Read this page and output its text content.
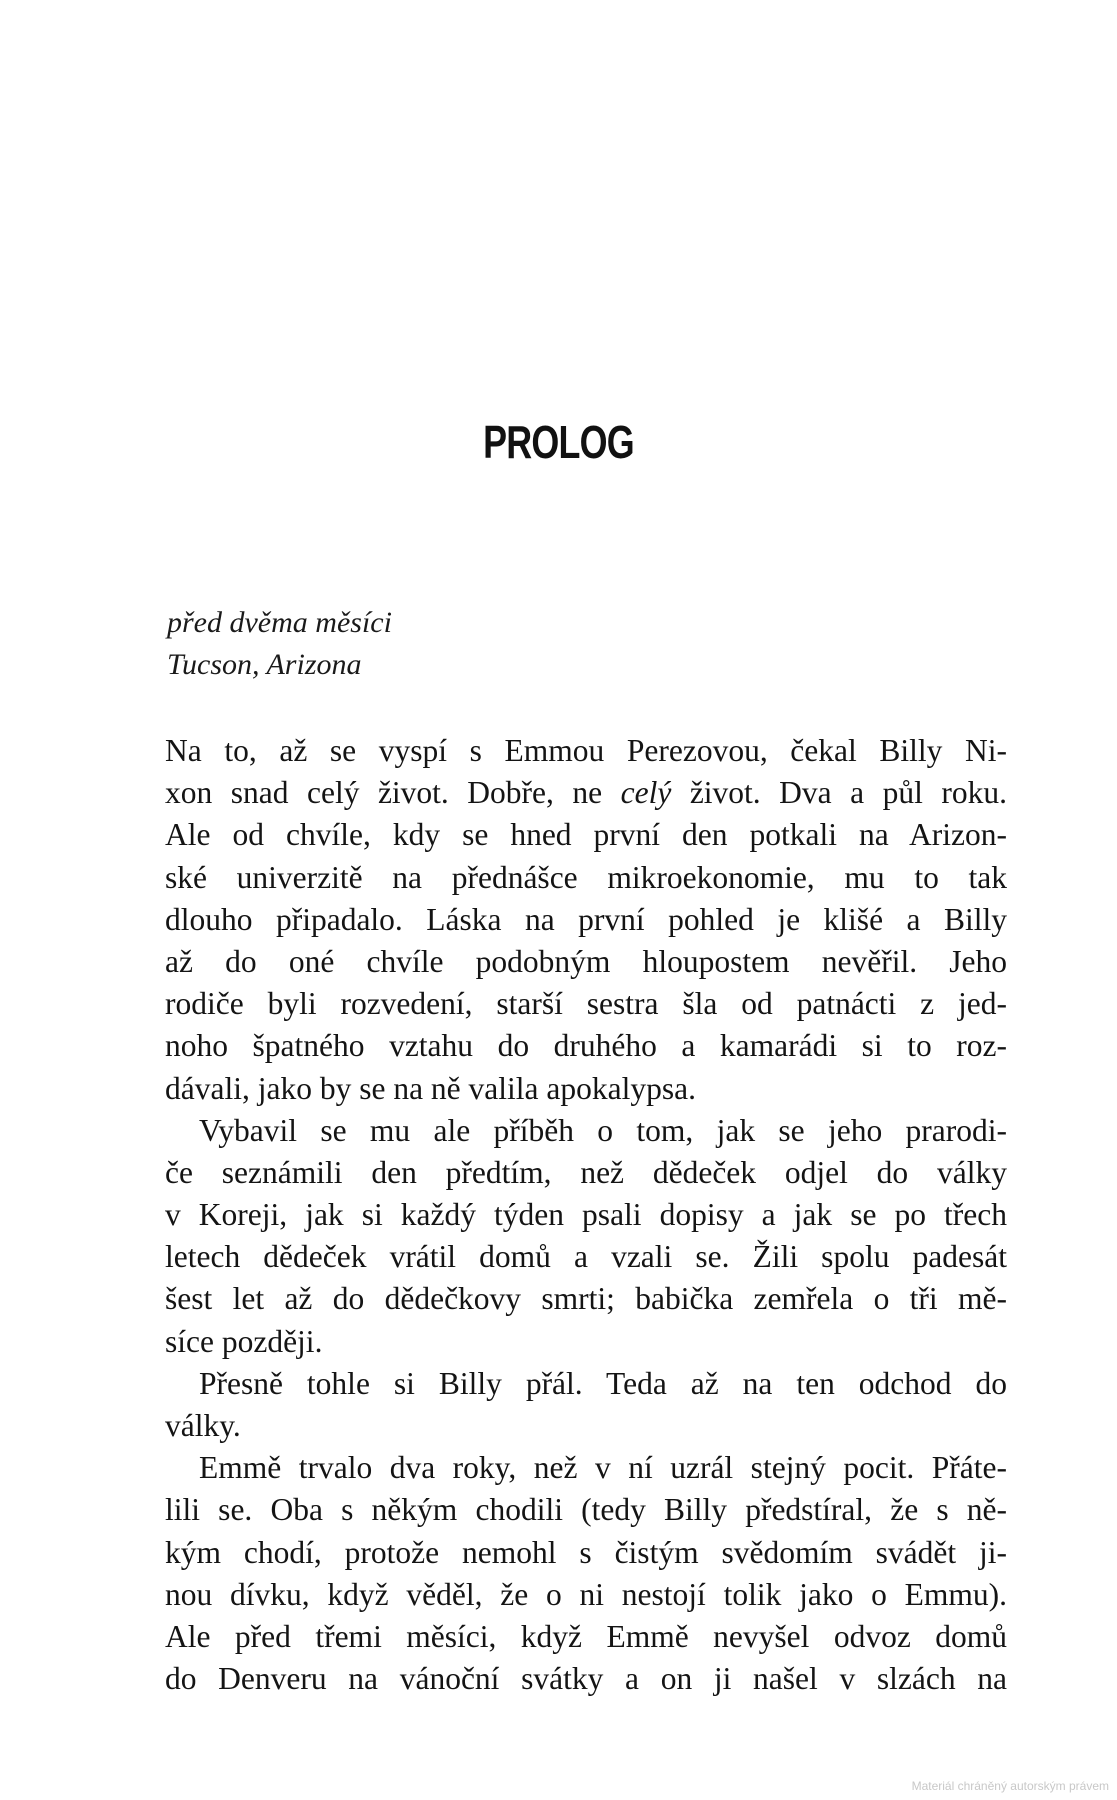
PROLOG
před dvěma měsíci
Tucson, Arizona
Na to, až se vyspí s Emmou Perezovou, čekal Billy Ni-
xon snad celý život. Dobře, ne celý život. Dva a půl roku.
Ale od chvíle, kdy se hned první den potkali na Arizon-
ské univerzitě na přednášce mikroekonomie, mu to tak
dlouho připadalo. Láska na první pohled je klišé a Billy
až do oné chvíle podobným hloupostem nevěřil. Jeho
rodiče byli rozvedení, starší sestra šla od patnácti z jed-
noho špatného vztahu do druhého a kamarádi si to roz-
dávali, jako by se na ně valila apokalypsa.
Vybavil se mu ale příběh o tom, jak se jeho prarodi-
če seznámili den předtím, než dědeček odjel do války
v Koreji, jak si každý týden psali dopisy a jak se po třech
letech dědeček vrátil domů a vzali se. Žili spolu padesát
šest let až do dědečkovy smrti; babička zemřela o tři mě-
síce později.
Přesně tohle si Billy přál. Teda až na ten odchod do
války.
Emmě trvalo dva roky, než v ní uzrál stejný pocit. Přáte-
lili se. Oba s někým chodili (tedy Billy předstíral, že s ně-
kým chodí, protože nemohl s čistým svědomím svádět ji-
nou dívku, když věděl, že o ni nestojí tolik jako o Emmu).
Ale před třemi měsíci, když Emmě nevyšel odvoz domů
do Denveru na vánoční svátky a on ji našel v slzách na
Materiál chráněný autorským právem
